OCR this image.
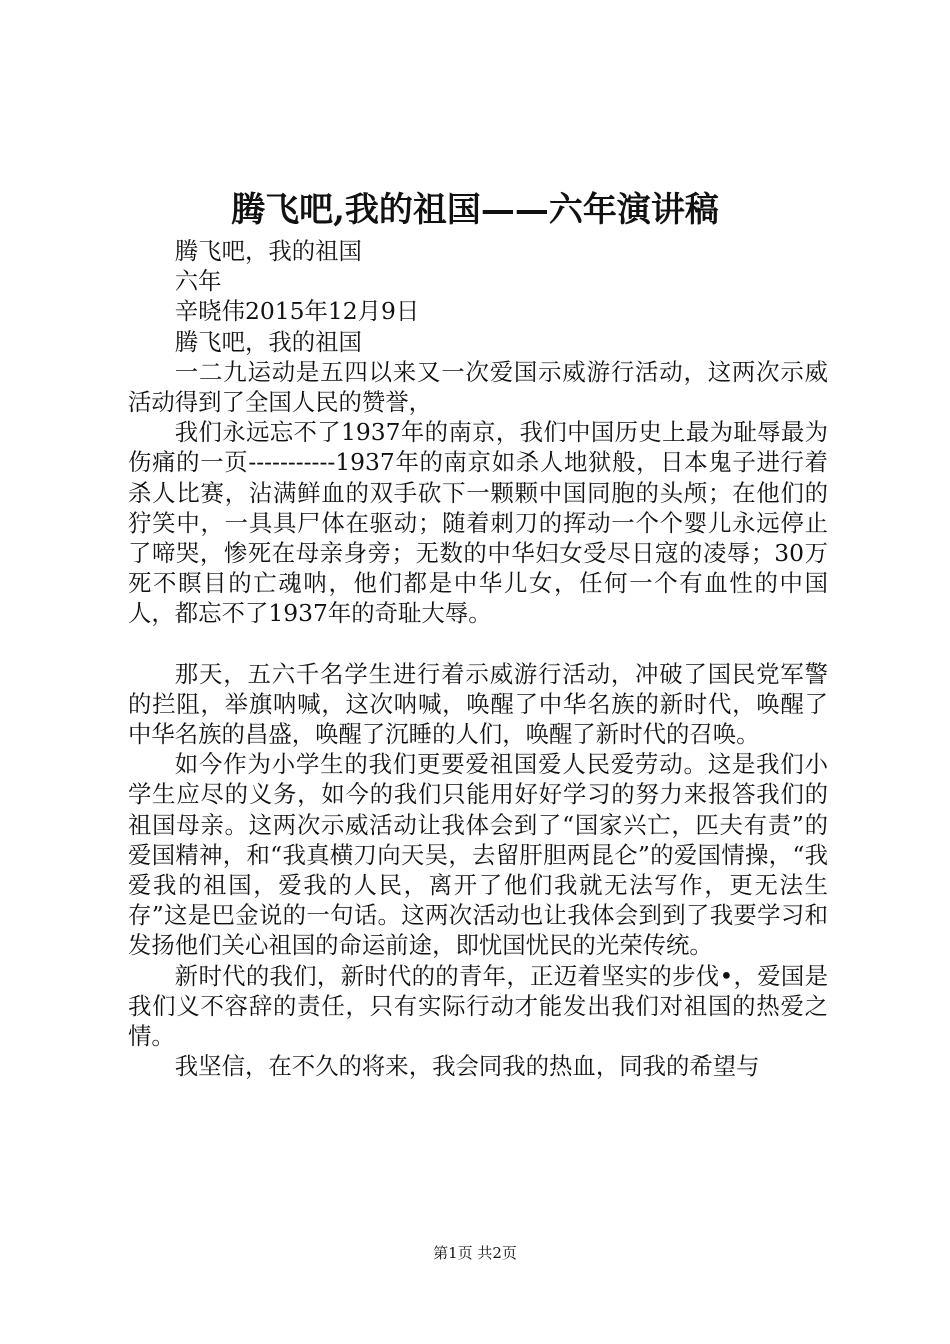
腾飞吧,我的祖国——六年演讲稿

腾飞吧，我的祖国

六年

辛晓伟2015年12月9日

腾飞吧，我的祖国

一二九运动是五四以来又一次爱国示威游行活动，这两次示威活动得到了全国人民的赞誉，

我们永远忘不了1937年的南京，我们中国历史上最为耻辱最为伤痛的一页-----------1937年的南京如杀人地狱般，日本鬼子进行着杀人比赛，沾满鲜血的双手砍下一颗颗中国同胞的头颅；在他们的狞笑中，一具具尸体在驱动；随着刺刀的挥动一个个婴儿永远停止了啼哭，惨死在母亲身旁；无数的中华妇女受尽日寇的凌辱；30万死不瞑目的亡魂呐，他们都是中华儿女，任何一个有血性的中国人，都忘不了1937年的奇耻大辱。

那天，五六千名学生进行着示威游行活动，冲破了国民党军警的拦阻，举旗呐喊，这次呐喊，唤醒了中华名族的新时代，唤醒了中华名族的昌盛，唤醒了沉睡的人们，唤醒了新时代的召唤。

如今作为小学生的我们更要爱祖国爱人民爱劳动。这是我们小学生应尽的义务，如今的我们只能用好好学习的努力来报答我们的祖国母亲。这两次示威活动让我体会到了“国家兴亡，匹夫有责”的爱国精神，和“我真横刀向天吴，去留肝胆两昆仑”的爱国情操，“我爱我的祖国，爱我的人民，离开了他们我就无法写作，更无法生存”这是巴金说的一句话。这两次活动也让我体会到到了我要学习和发扬他们关心祖国的命运前途，即忧国忧民的光荣传统。

新时代的我们，新时代的的青年，正迈着坚实的步伐•，爱国是我们义不容辞的责任，只有实际行动才能发出我们对祖国的热爱之情。

我坚信，在不久的将来，我会同我的热血，同我的希望与

第1页 共2页
